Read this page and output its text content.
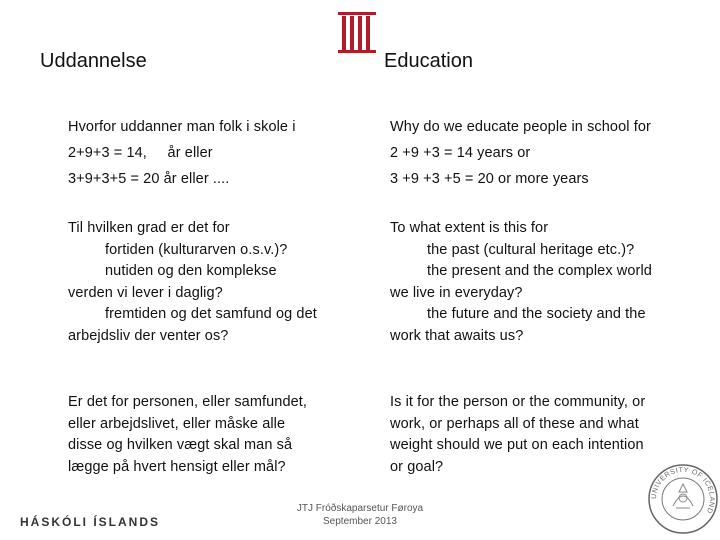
Uddannelse	Education
Hvorfor uddanner man folk i skole i
2+9+3 = 14,     år eller
3+9+3+5 = 20 år eller ....
Why do we educate people in school for
2 +9 +3 = 14 years or
3 +9 +3 +5 = 20 or more years
Til hvilken grad er det for
fortiden (kulturarven o.s.v.)?
nutiden og den komplekse
verden vi lever i daglig?
fremtiden og det samfund og det
arbejdsliv der venter os?
To what extent is this for
the past (cultural heritage etc.)?
the present and the complex world
we live in everyday?
the future and the society and the
work that awaits us?
Er det for personen, eller samfundet,
eller arbejdslivet, eller måske alle
disse og hvilken vægt skal man så
lægge på hvert hensigt eller mål?
Is it for the person or the community, or
work, or perhaps all of these and what
weight should we put on each intention
or goal?
HÁSKÓLI ÍSLANDS
JTJ Fróðskaparsetur Føroya
September 2013
UNIVERSITY OF ICELAND
